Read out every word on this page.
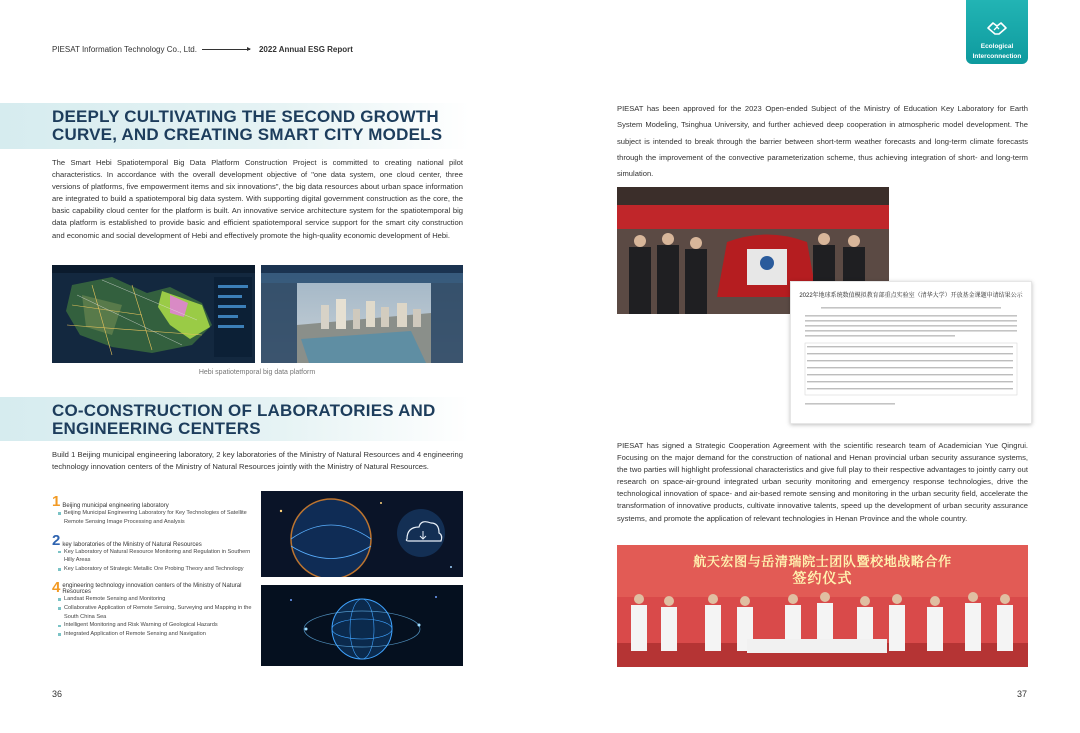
PIESAT Information Technology Co., Ltd.	2022 Annual ESG Report	Ecological
Interconnection
DEEPLY CULTIVATING THE SECOND GROWTH
CURVE, AND CREATING SMART CITY MODELS
The Smart Hebi Spatiotemporal Big Data Platform Construction Project is committed to creating national pilot characteristics. In accordance with the overall development objective of "one data system, one cloud center, three versions of platforms, five empowerment items and six innovations", the big data resources about urban space information are integrated to build a spatiotemporal big data system. With supporting digital government construction as the core, the basic capability cloud center for the platform is built. An innovative service architecture system for the spatiotemporal big data platform is established to provide basic and efficient spatiotemporal service support for the smart city construction and economic and social development of Hebi and effectively promote the high-quality economic development of Hebi.
Hebi spatiotemporal big data platform
CO-CONSTRUCTION OF LABORATORIES AND
ENGINEERING CENTERS
Build 1 Beijing municipal engineering laboratory, 2 key laboratories of the Ministry of Natural Resources and 4 engineering technology innovation centers of the Ministry of Natural Resources jointly with the Ministry of Natural Resources.
1 Beijing municipal engineering laboratory
Beijing Municipal Engineering Laboratory for Key Technologies of Satellite Remote Sensing Image Processing and Analysis
2 key laboratories of the Ministry of Natural Resources
Key Laboratory of Natural Resource Monitoring and Regulation in Southern Hilly Areas
Key Laboratory of Strategic Metallic Ore Probing Theory and Technology
4 engineering technology innovation centers of the Ministry of Natural Resources
Landsat Remote Sensing and Monitoring
Collaborative Application of Remote Sensing, Surveying and Mapping in the South China Sea
Intelligent Monitoring and Risk Warning of Geological Hazards
Integrated Application of Remote Sensing and Navigation
36
PIESAT has been approved for the 2023 Open-ended Subject of the Ministry of Education Key Laboratory for Earth System Modeling, Tsinghua University, and further achieved deep cooperation in atmospheric model development. The subject is intended to break through the barrier between short-term weather forecasts and long-term climate forecasts through the improvement of the convective parameterization scheme, thus achieving integration of short- and long-term simulation.
2022年地球系统数值模拟教育部重点实验室（清华大学）开放基金课题申请结果公示
PIESAT has signed a Strategic Cooperation Agreement with the scientific research team of Academician Yue Qingrui. Focusing on the major demand for the construction of national and Henan provincial urban security assurance systems, the two parties will highlight professional characteristics and give full play to their respective advantages to jointly carry out research on space-air-ground integrated urban security monitoring and emergency response technologies, drive the technological innovation of space- and air-based remote sensing and monitoring in the urban security field, accelerate the transformation of innovative products, cultivate innovative talents, speed up the development of urban security assurance systems, and promote the application of relevant technologies in Henan Province and the whole country.
航天宏图与岳清瑞院士团队暨校地战略合作
签约仪式
37
